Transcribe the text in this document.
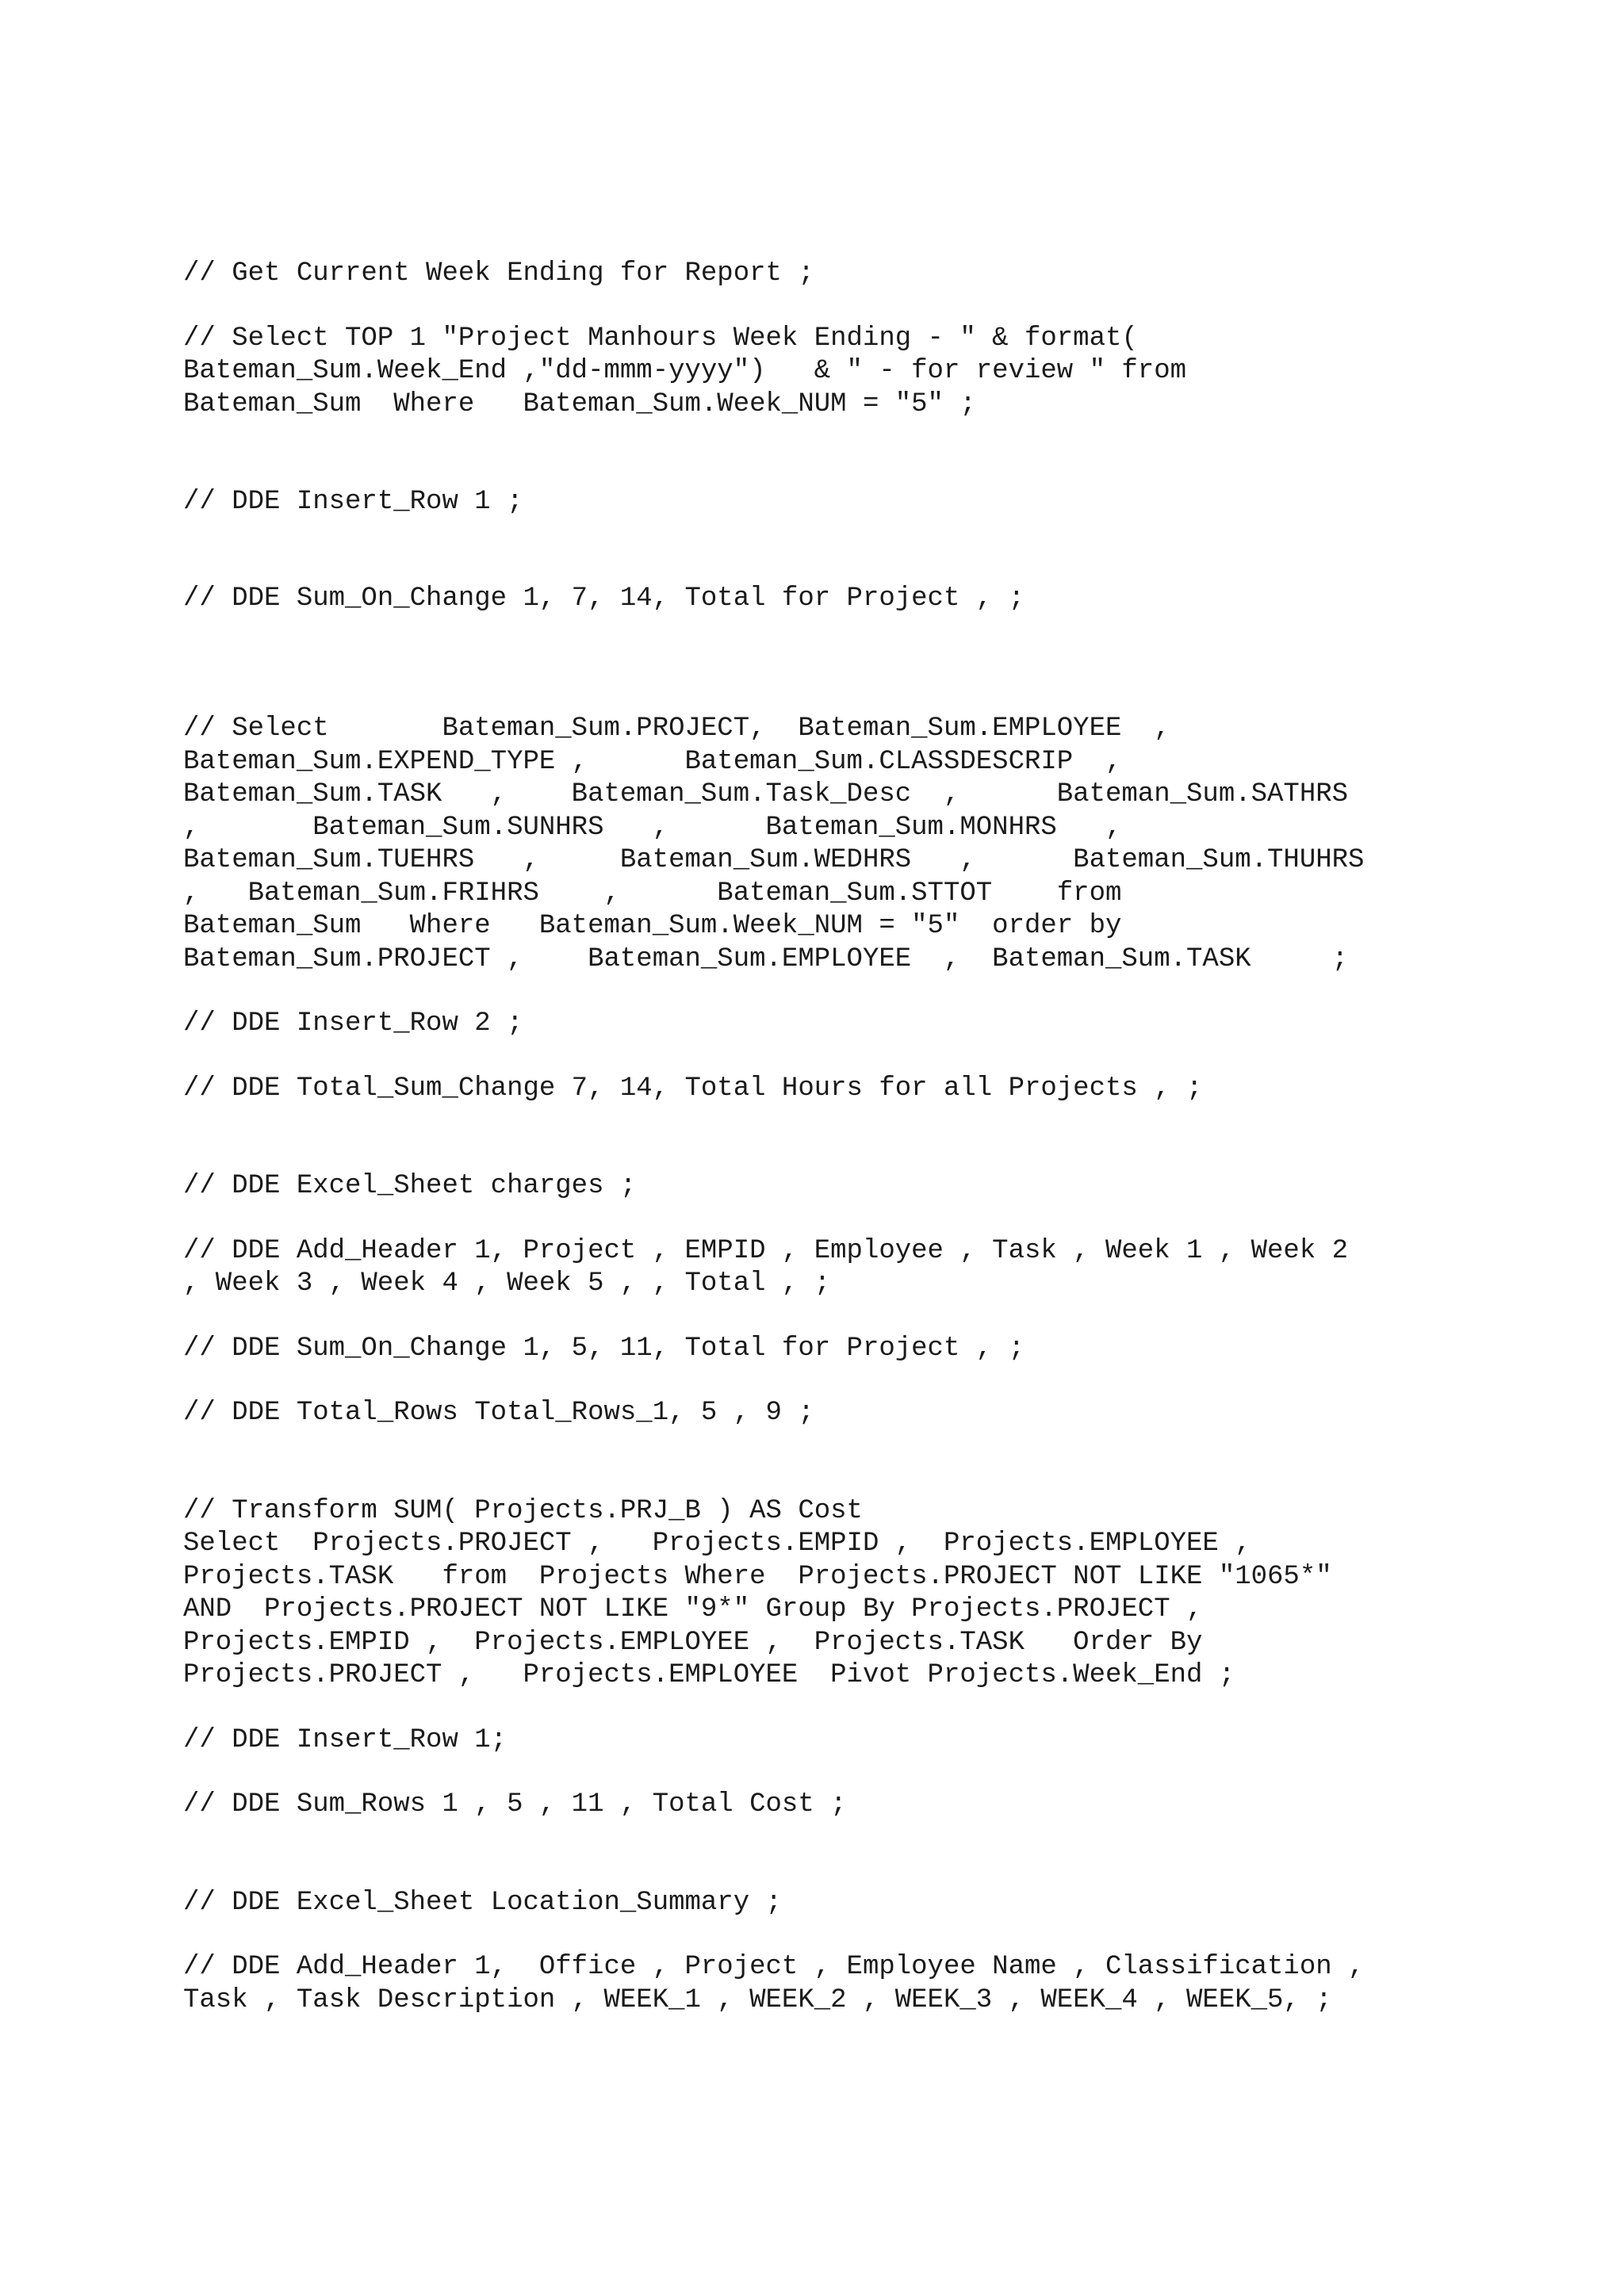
// Get Current Week Ending for Report ;

// Select TOP 1 "Project Manhours Week Ending - " & format(
Bateman_Sum.Week_End ,"dd-mmm-yyyy")   & " - for review " from
Bateman_Sum  Where   Bateman_Sum.Week_NUM = "5" ;

// DDE Insert_Row 1 ;

// DDE Sum_On_Change 1, 7, 14, Total for Project , ;

// Select       Bateman_Sum.PROJECT,  Bateman_Sum.EMPLOYEE  ,
Bateman_Sum.EXPEND_TYPE ,      Bateman_Sum.CLASSDESCRIP  ,
Bateman_Sum.TASK   ,    Bateman_Sum.Task_Desc  ,      Bateman_Sum.SATHRS
,       Bateman_Sum.SUNHRS   ,      Bateman_Sum.MONHRS   ,
Bateman_Sum.TUEHRS   ,     Bateman_Sum.WEDHRS   ,      Bateman_Sum.THUHRS
,   Bateman_Sum.FRIHRS    ,      Bateman_Sum.STTOT    from
Bateman_Sum   Where   Bateman_Sum.Week_NUM = "5"  order by
Bateman_Sum.PROJECT ,    Bateman_Sum.EMPLOYEE  ,  Bateman_Sum.TASK     ;

// DDE Insert_Row 2 ;

// DDE Total_Sum_Change 7, 14, Total Hours for all Projects , ;

// DDE Excel_Sheet charges ;

// DDE Add_Header 1, Project , EMPID , Employee , Task , Week 1 , Week 2
, Week 3 , Week 4 , Week 5 , , Total , ;

// DDE Sum_On_Change 1, 5, 11, Total for Project , ;

// DDE Total_Rows Total_Rows_1, 5 , 9 ;

// Transform SUM( Projects.PRJ_B ) AS Cost
Select  Projects.PROJECT ,   Projects.EMPID ,  Projects.EMPLOYEE ,
Projects.TASK   from  Projects Where  Projects.PROJECT NOT LIKE "1065*"
AND  Projects.PROJECT NOT LIKE "9*" Group By Projects.PROJECT ,
Projects.EMPID ,  Projects.EMPLOYEE ,  Projects.TASK   Order By
Projects.PROJECT ,   Projects.EMPLOYEE  Pivot Projects.Week_End ;

// DDE Insert_Row 1;

// DDE Sum_Rows 1 , 5 , 11 , Total Cost ;

// DDE Excel_Sheet Location_Summary ;

// DDE Add_Header 1,  Office , Project , Employee Name , Classification ,
Task , Task Description , WEEK_1 , WEEK_2 , WEEK_3 , WEEK_4 , WEEK_5, ;
